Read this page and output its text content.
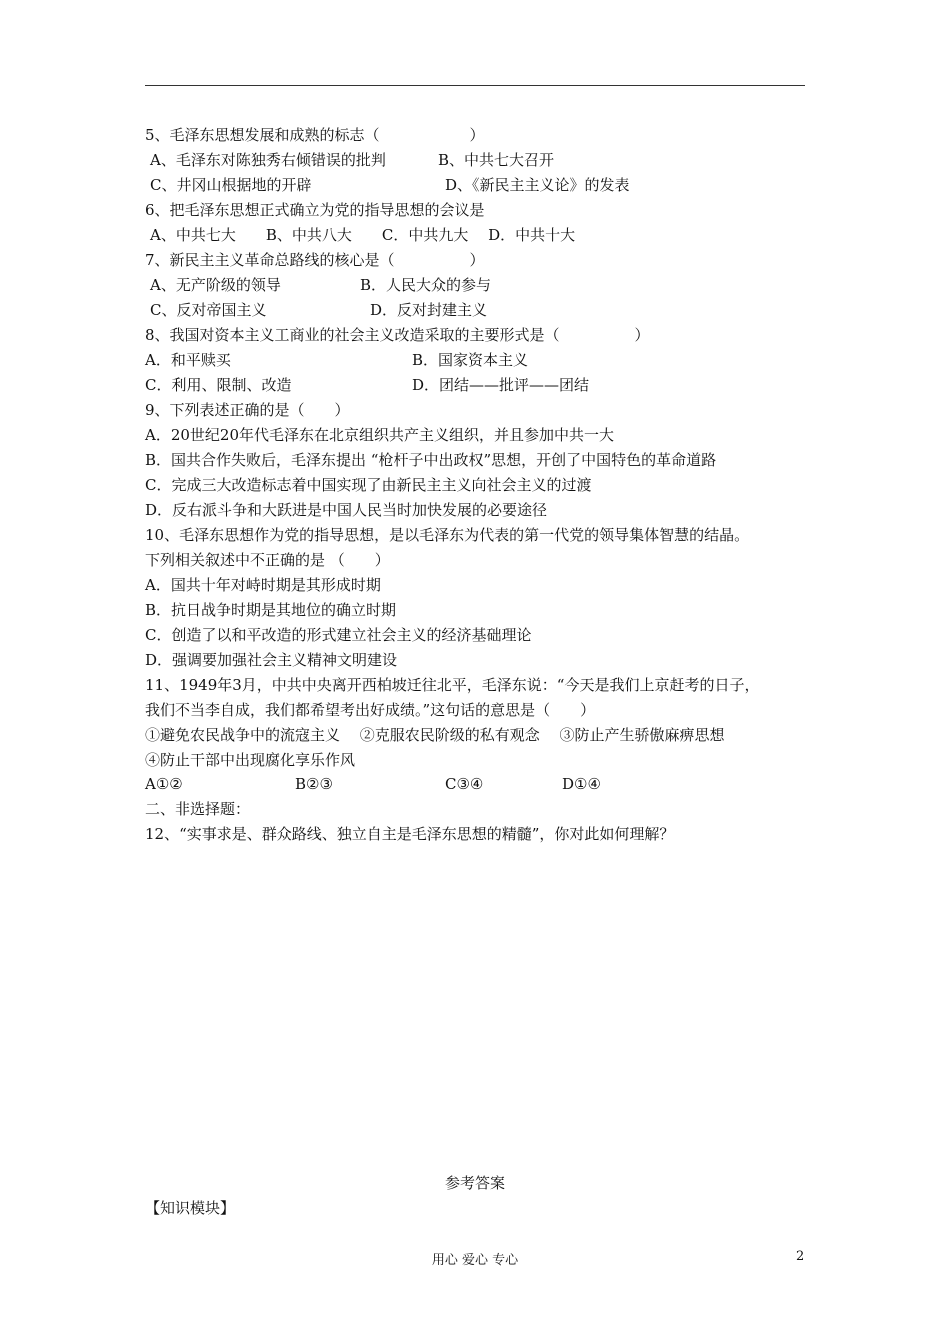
5、毛泽东思想发展和成熟的标志（　　　　　　）
A、毛泽东对陈独秀右倾错误的批判	B、中共七大召开
C、井冈山根据地的开辟	D、《新民主主义论》的发表
6、把毛泽东思想正式确立为党的指导思想的会议是
A、中共七大　　B、中共八大　　C．中共九大　 D．中共十大
7、新民主主义革命总路线的核心是（　　　　　）
A、无产阶级的领导	B．人民大众的参与
C、反对帝国主义	D．反对封建主义
8、我国对资本主义工商业的社会主义改造采取的主要形式是（　　　　　）
A．和平赎买	B．国家资本主义
C．利用、限制、改造	D．团结——批评——团结
9、下列表述正确的是（　　）
A．20世纪20年代毛泽东在北京组织共产主义组织，并且参加中共一大
B．国共合作失败后，毛泽东提出 “枪杆子中出政权”思想，开创了中国特色的革命道路
C．完成三大改造标志着中国实现了由新民主主义向社会主义的过渡
D．反右派斗争和大跃进是中国人民当时加快发展的必要途径
10、毛泽东思想作为党的指导思想，是以毛泽东为代表的第一代党的领导集体智慧的结晶。
下列相关叙述中不正确的是 （　　）
A．国共十年对峙时期是其形成时期
B．抗日战争时期是其地位的确立时期
C．创造了以和平改造的形式建立社会主义的经济基础理论
D．强调要加强社会主义精神文明建设
11、1949年3月，中共中央离开西柏坡迁往北平，毛泽东说：“今天是我们上京赶考的日子，
我们不当李自成，我们都希望考出好成绩。”这句话的意思是（　　）
①避免农民战争中的流寇主义　 ②克服农民阶级的私有观念　 ③防止产生骄傲麻痹思想
④防止干部中出现腐化享乐作风
A①②	B②③	C③④	D①④
二、非选择题：
12、“实事求是、群众路线、独立自主是毛泽东思想的精髓”，你对此如何理解？
参考答案
【知识模块】
用心 爱心 专心	2
